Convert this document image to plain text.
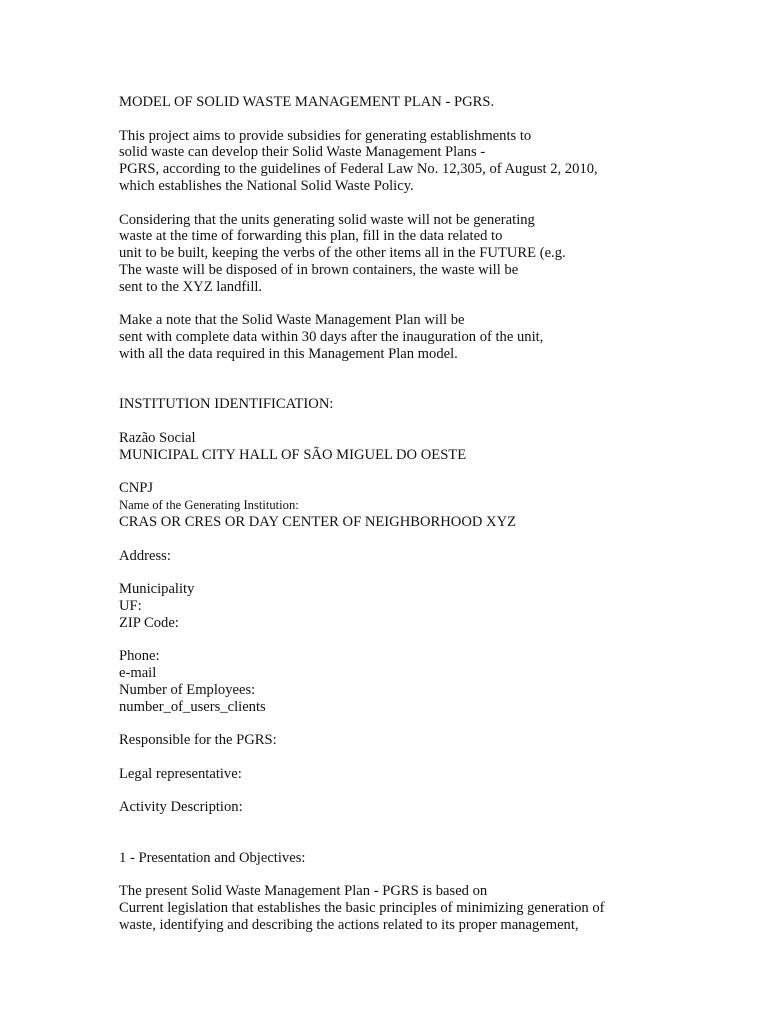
MODEL OF SOLID WASTE MANAGEMENT PLAN - PGRS.
This project aims to provide subsidies for generating establishments to
solid waste can develop their Solid Waste Management Plans -
PGRS, according to the guidelines of Federal Law No. 12,305, of August 2, 2010,
which establishes the National Solid Waste Policy.
Considering that the units generating solid waste will not be generating
waste at the time of forwarding this plan, fill in the data related to
unit to be built, keeping the verbs of the other items all in the FUTURE (e.g.
The waste will be disposed of in brown containers, the waste will be
sent to the XYZ landfill.
Make a note that the Solid Waste Management Plan will be
sent with complete data within 30 days after the inauguration of the unit,
with all the data required in this Management Plan model.
INSTITUTION IDENTIFICATION:
Razão Social
MUNICIPAL CITY HALL OF SÃO MIGUEL DO OESTE
CNPJ
Name of the Generating Institution:
CRAS OR CRES OR DAY CENTER OF NEIGHBORHOOD XYZ
Address:
Municipality
UF:
ZIP Code:
Phone:
e-mail
Number of Employees:
number_of_users_clients
Responsible for the PGRS:
Legal representative:
Activity Description:
1 - Presentation and Objectives:
The present Solid Waste Management Plan - PGRS is based on
Current legislation that establishes the basic principles of minimizing generation of
waste, identifying and describing the actions related to its proper management,
